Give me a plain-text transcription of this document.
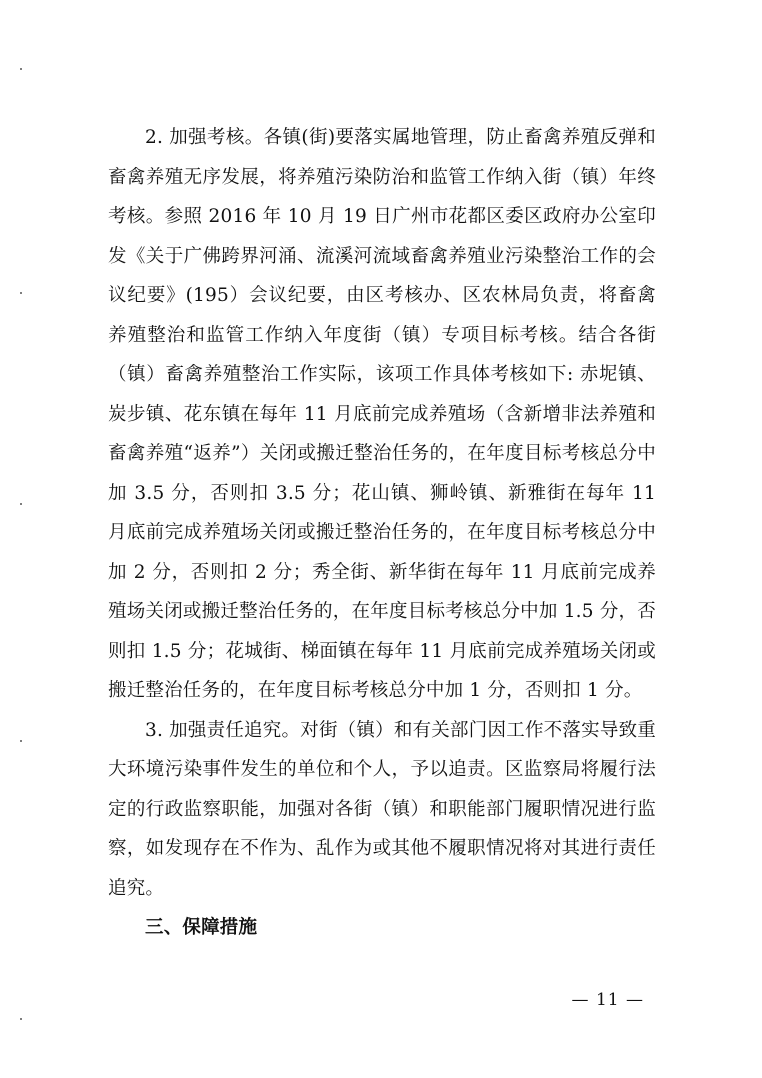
2. 加强考核。各镇(街)要落实属地管理，防止畜禽养殖反弹和畜禽养殖无序发展，将养殖污染防治和监管工作纳入街（镇）年终考核。参照 2016 年 10 月 19 日广州市花都区委区政府办公室印发《关于广佛跨界河涌、流溪河流域畜禽养殖业污染整治工作的会议纪要》(195）会议纪要，由区考核办、区农林局负责，将畜禽养殖整治和监管工作纳入年度街（镇）专项目标考核。结合各街（镇）畜禽养殖整治工作实际，该项工作具体考核如下: 赤坭镇、炭步镇、花东镇在每年 11 月底前完成养殖场（含新增非法养殖和畜禽养殖“返养”）关闭或搬迁整治任务的，在年度目标考核总分中加 3.5 分，否则扣 3.5 分；花山镇、狮岭镇、新雅街在每年 11 月底前完成养殖场关闭或搬迁整治任务的，在年度目标考核总分中加 2 分，否则扣 2 分；秀全街、新华街在每年 11 月底前完成养殖场关闭或搬迁整治任务的，在年度目标考核总分中加 1.5 分，否则扣 1.5 分；花城街、梯面镇在每年 11 月底前完成养殖场关闭或搬迁整治任务的，在年度目标考核总分中加 1 分，否则扣 1 分。

3. 加强责任追究。对街（镇）和有关部门因工作不落实导致重大环境污染事件发生的单位和个人，予以追责。区监察局将履行法定的行政监察职能，加强对各街（镇）和职能部门履职情况进行监察，如发现存在不作为、乱作为或其他不履职情况将对其进行责任追究。

三、保障措施

— 11 —
